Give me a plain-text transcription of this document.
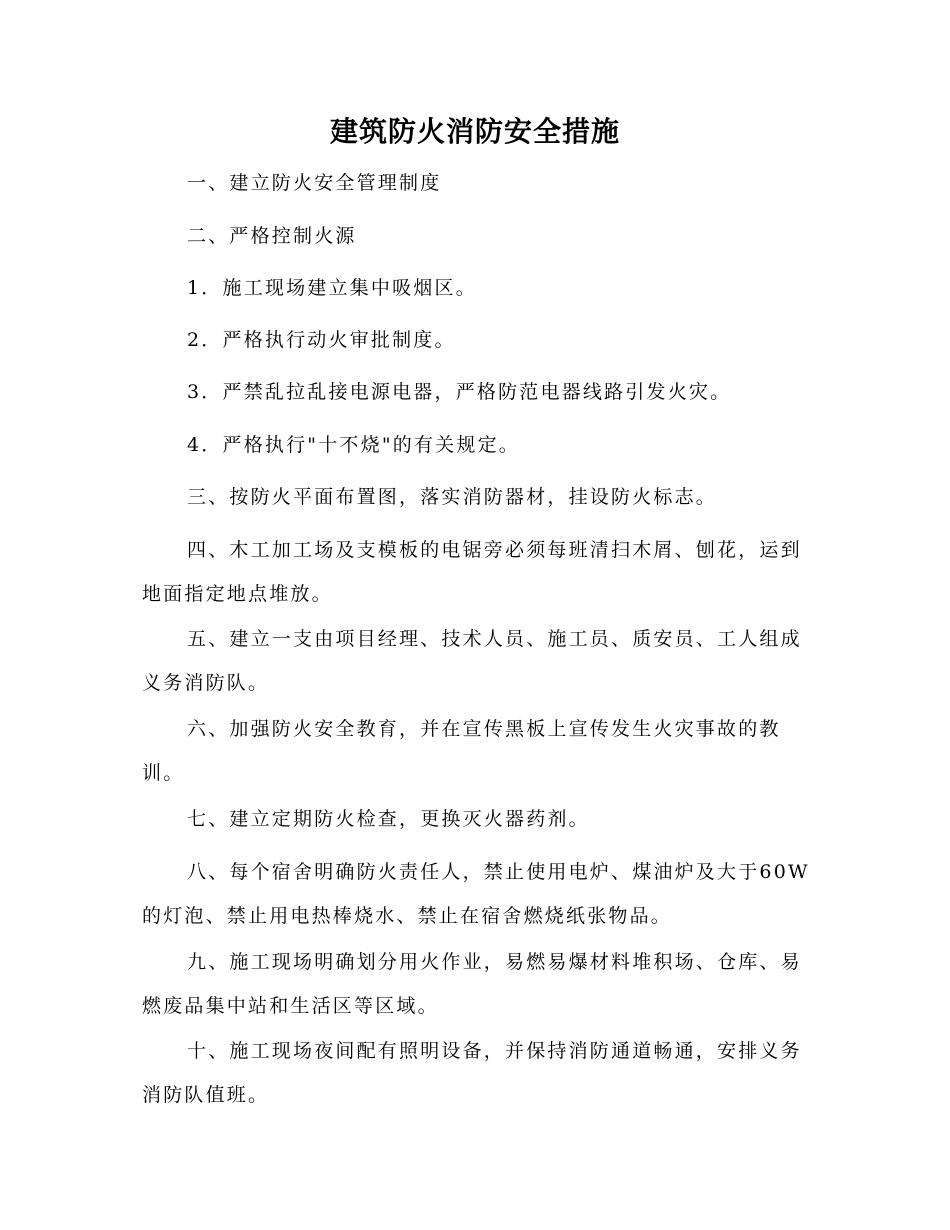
建筑防火消防安全措施
一、建立防火安全管理制度
二、严格控制火源
1．施工现场建立集中吸烟区。
2．严格执行动火审批制度。
3．严禁乱拉乱接电源电器，严格防范电器线路引发火灾。
4．严格执行"十不烧"的有关规定。
三、按防火平面布置图，落实消防器材，挂设防火标志。
四、木工加工场及支模板的电锯旁必须每班清扫木屑、刨花，运到地面指定地点堆放。
五、建立一支由项目经理、技术人员、施工员、质安员、工人组成义务消防队。
六、加强防火安全教育，并在宣传黑板上宣传发生火灾事故的教训。
七、建立定期防火检查，更换灭火器药剂。
八、每个宿舍明确防火责任人，禁止使用电炉、煤油炉及大于60W的灯泡、禁止用电热棒烧水、禁止在宿舍燃烧纸张物品。
九、施工现场明确划分用火作业，易燃易爆材料堆积场、仓库、易燃废品集中站和生活区等区域。
十、施工现场夜间配有照明设备，并保持消防通道畅通，安排义务消防队值班。
